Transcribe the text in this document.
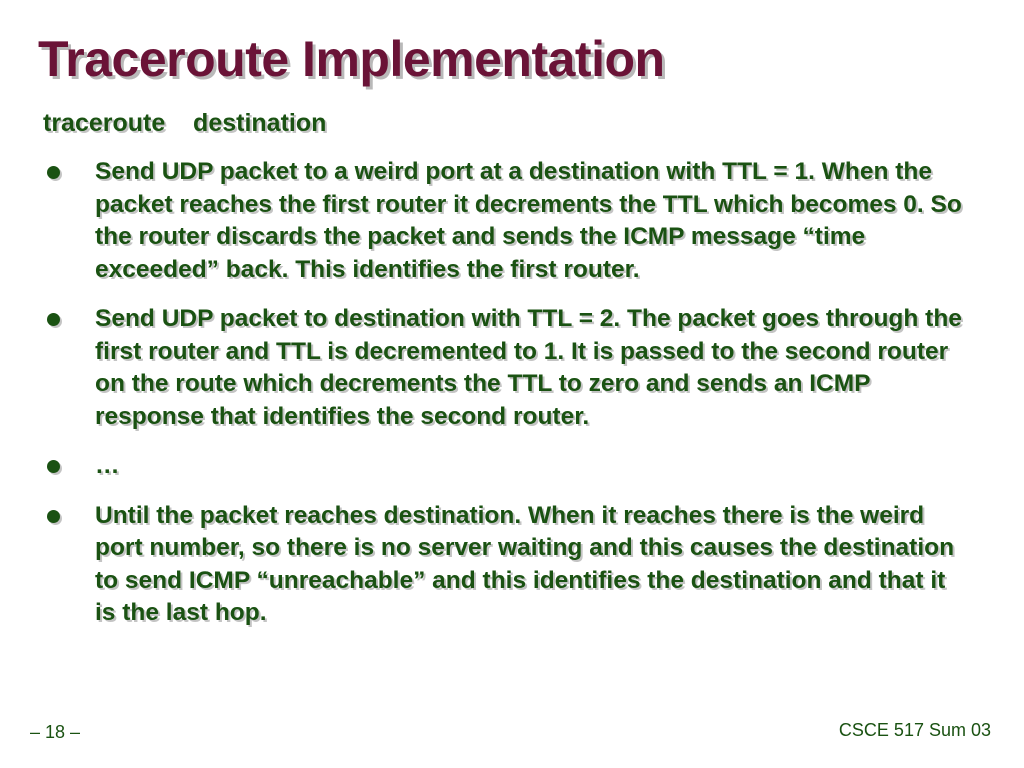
Traceroute Implementation
traceroute    destination
Send UDP packet to a weird port at a destination with TTL = 1. When the packet reaches the first router it decrements the TTL which becomes 0. So the router discards the packet and sends the ICMP message “time exceeded” back. This identifies the first router.
Send UDP packet to destination with TTL = 2. The packet goes through the first router and TTL is decremented to 1. It is passed to the second router on the route which decrements the TTL to zero and sends an ICMP response that identifies the second router.
…
Until the packet reaches destination. When it reaches there is the weird port number, so there is no server waiting and this causes the destination to send ICMP “unreachable” and this identifies the destination and that it is the last hop.
– 18 –	CSCE 517 Sum 03
